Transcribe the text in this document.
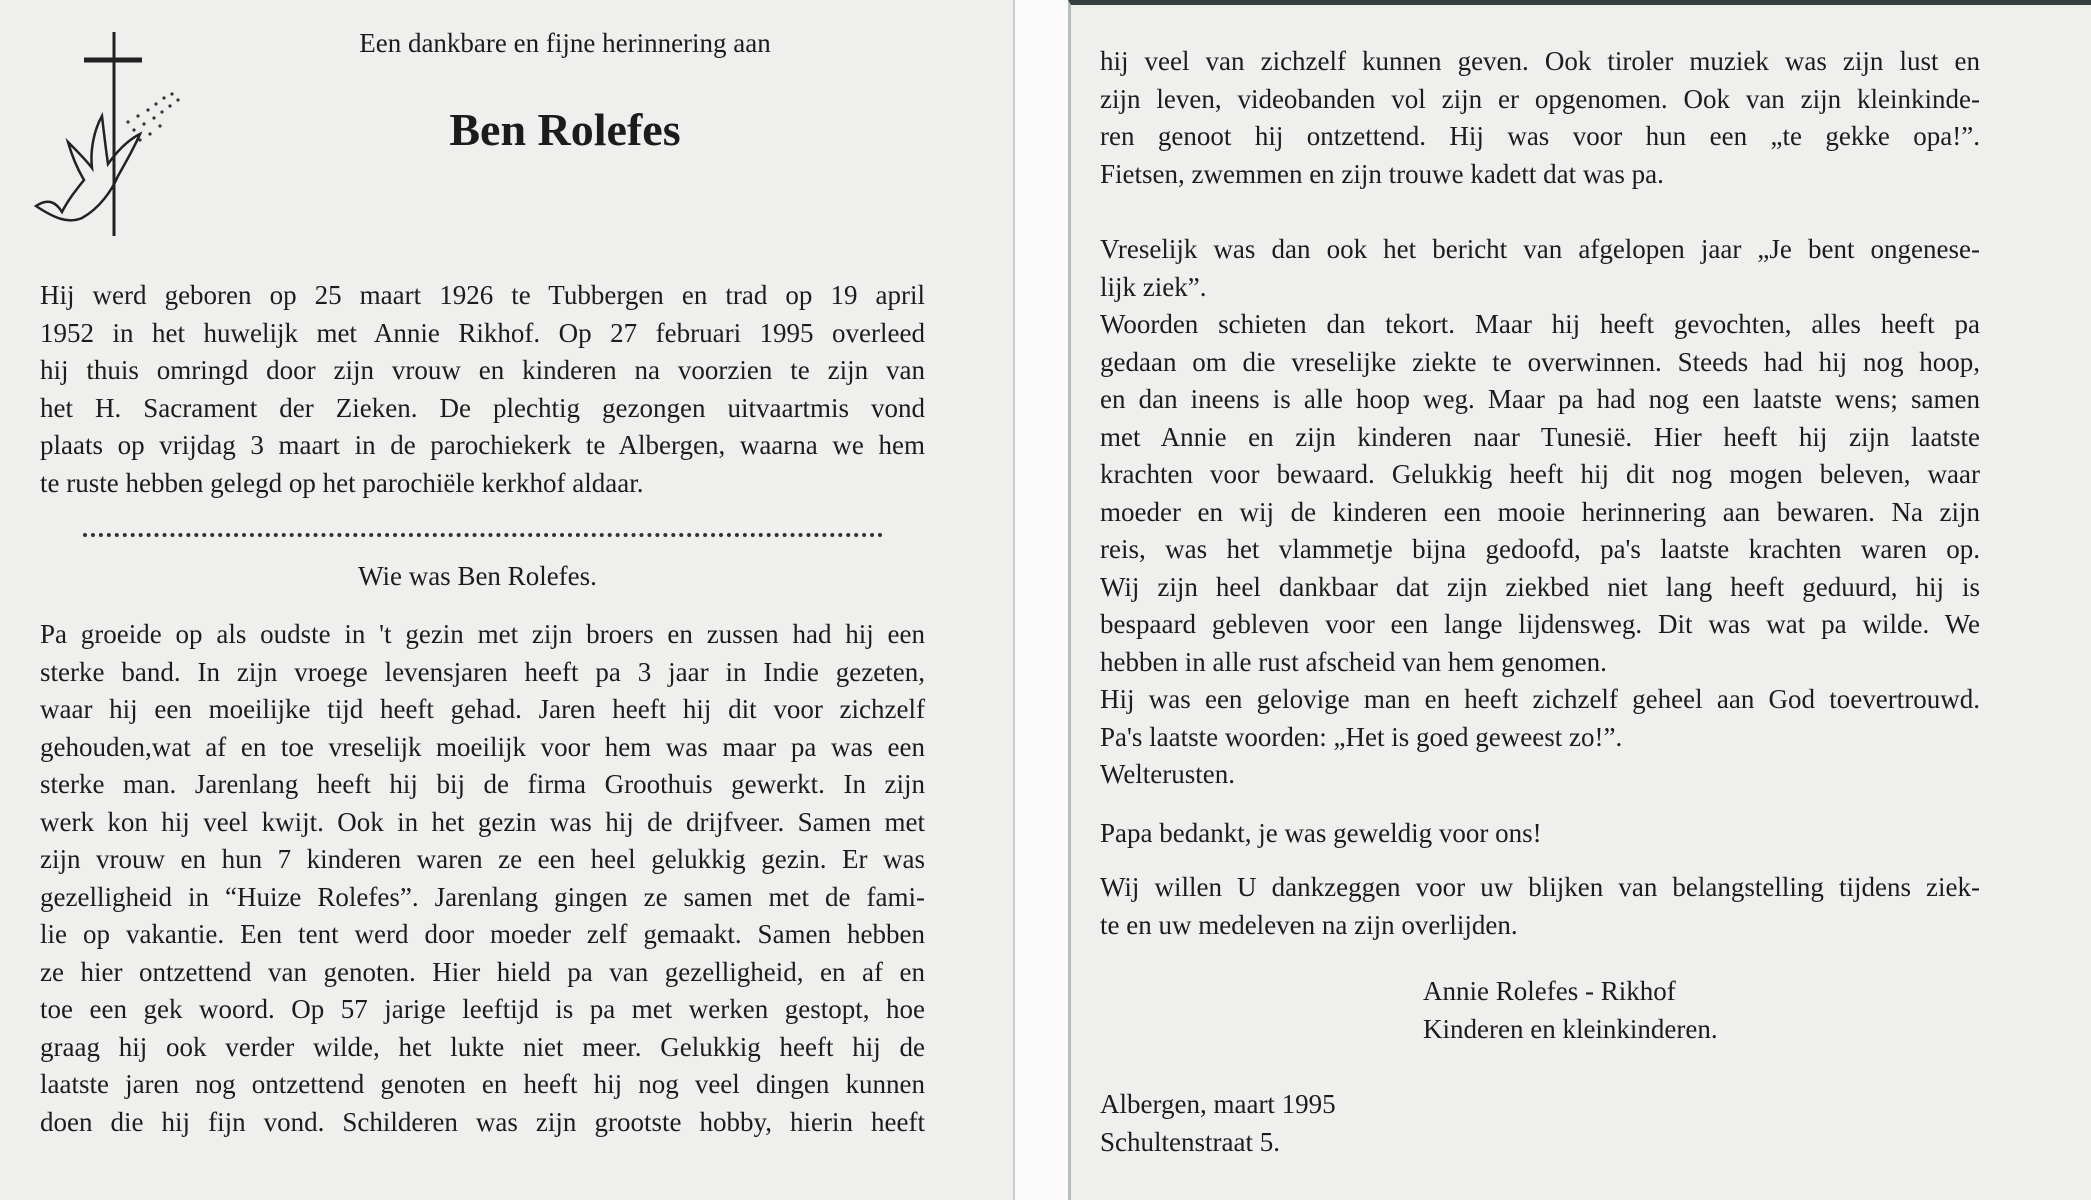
Een dankbare en fijne herinnering aan
Ben Rolefes
Hij werd geboren op 25 maart 1926 te Tubbergen en trad op 19 april
1952 in het huwelijk met Annie Rikhof. Op 27 februari 1995 overleed
hij thuis omringd door zijn vrouw en kinderen na voorzien te zijn van
het H. Sacrament der Zieken. De plechtig gezongen uitvaartmis vond
plaats op vrijdag 3 maart in de parochiekerk te Albergen, waarna we hem
te ruste hebben gelegd op het parochiële kerkhof aldaar.
Wie was Ben Rolefes.
Pa groeide op als oudste in 't gezin met zijn broers en zussen had hij een
sterke band. In zijn vroege levensjaren heeft pa 3 jaar in Indie gezeten,
waar hij een moeilijke tijd heeft gehad. Jaren heeft hij dit voor zichzelf
gehouden,wat af en toe vreselijk moeilijk voor hem was maar pa was een
sterke man. Jarenlang heeft hij bij de firma Groothuis gewerkt. In zijn
werk kon hij veel kwijt. Ook in het gezin was hij de drijfveer. Samen met
zijn vrouw en hun 7 kinderen waren ze een heel gelukkig gezin. Er was
gezelligheid in “Huize Rolefes”. Jarenlang gingen ze samen met de fami-
lie op vakantie. Een tent werd door moeder zelf gemaakt. Samen hebben
ze hier ontzettend van genoten. Hier hield pa van gezelligheid, en af en
toe een gek woord. Op 57 jarige leeftijd is pa met werken gestopt, hoe
graag hij ook verder wilde, het lukte niet meer. Gelukkig heeft hij de
laatste jaren nog ontzettend genoten en heeft hij nog veel dingen kunnen
doen die hij fijn vond. Schilderen was zijn grootste hobby, hierin heeft
hij veel van zichzelf kunnen geven. Ook tiroler muziek was zijn lust en
zijn leven, videobanden vol zijn er opgenomen. Ook van zijn kleinkinde-
ren genoot hij ontzettend. Hij was voor hun een „te gekke opa!”.
Fietsen, zwemmen en zijn trouwe kadett dat was pa.
Vreselijk was dan ook het bericht van afgelopen jaar „Je bent ongenese-
lijk ziek”.
Woorden schieten dan tekort. Maar hij heeft gevochten, alles heeft pa
gedaan om die vreselijke ziekte te overwinnen. Steeds had hij nog hoop,
en dan ineens is alle hoop weg. Maar pa had nog een laatste wens; samen
met Annie en zijn kinderen naar Tunesië. Hier heeft hij zijn laatste
krachten voor bewaard. Gelukkig heeft hij dit nog mogen beleven, waar
moeder en wij de kinderen een mooie herinnering aan bewaren. Na zijn
reis, was het vlammetje bijna gedoofd, pa's laatste krachten waren op.
Wij zijn heel dankbaar dat zijn ziekbed niet lang heeft geduurd, hij is
bespaard gebleven voor een lange lijdensweg. Dit was wat pa wilde. We
hebben in alle rust afscheid van hem genomen.
Hij was een gelovige man en heeft zichzelf geheel aan God toevertrouwd.
Pa's laatste woorden: „Het is goed geweest zo!”.
Welterusten.
Papa bedankt, je was geweldig voor ons!
Wij willen U dankzeggen voor uw blijken van belangstelling tijdens ziek-
te en uw medeleven na zijn overlijden.
Annie Rolefes - Rikhof
Kinderen en kleinkinderen.
Albergen, maart 1995
Schultenstraat 5.
